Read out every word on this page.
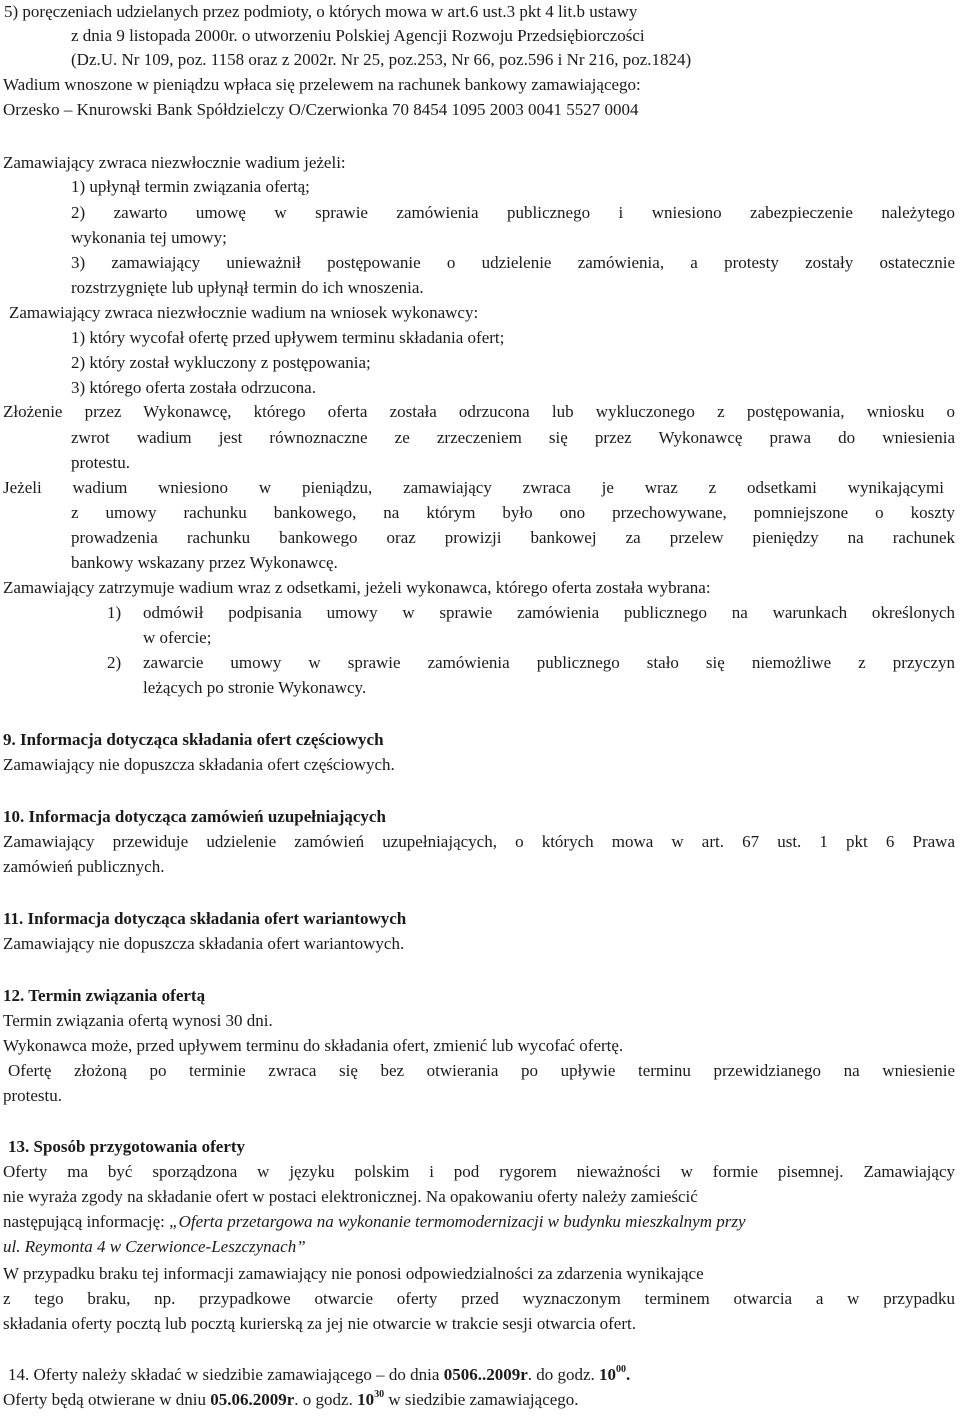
5) poręczeniach udzielanych przez podmioty, o których mowa w art.6 ust.3 pkt 4 lit.b ustawy
z dnia 9 listopada 2000r. o utworzeniu Polskiej Agencji Rozwoju Przedsiębiorczości
(Dz.U. Nr 109, poz. 1158 oraz z 2002r. Nr 25, poz.253, Nr 66, poz.596 i Nr 216, poz.1824)
Wadium wnoszone w pieniądzu wpłaca się przelewem na rachunek bankowy zamawiającego:
Orzesko – Knurowski Bank Spółdzielczy O/Czerwionka 70 8454 1095 2003 0041 5527 0004
Zamawiający zwraca niezwłocznie wadium jeżeli:
1) upłynął termin związania ofertą;
2) zawarto umowę w sprawie zamówienia publicznego i wniesiono zabezpieczenie należytego
wykonania tej umowy;
3) zamawiający unieważnił postępowanie o udzielenie zamówienia, a protesty zostały ostatecznie
rozstrzygnięte lub upłynął termin do ich wnoszenia.
Zamawiający zwraca niezwłocznie wadium na wniosek wykonawcy:
1) który wycofał ofertę przed upływem terminu składania ofert;
2) który został wykluczony z postępowania;
3) którego oferta została odrzucona.
Złożenie przez Wykonawcę, którego oferta została odrzucona lub wykluczonego z postępowania, wniosku o
zwrot wadium jest równoznaczne ze zrzeczeniem się przez Wykonawcę prawa do wniesienia
protestu.
Jeżeli wadium wniesiono w pieniądzu, zamawiający zwraca je wraz z odsetkami wynikającymi
z umowy rachunku bankowego, na którym było ono przechowywane, pomniejszone o koszty
prowadzenia rachunku bankowego oraz prowizji bankowej za przelew pieniędzy na rachunek
bankowy wskazany przez Wykonawcę.
Zamawiający zatrzymuje wadium wraz z odsetkami, jeżeli wykonawca, którego oferta została wybrana:
1) odmówił podpisania umowy w sprawie zamówienia publicznego na warunkach określonych
w ofercie;
2) zawarcie umowy w sprawie zamówienia publicznego stało się niemożliwe z przyczyn
leżących po stronie Wykonawcy.
9. Informacja dotycząca składania ofert częściowych
Zamawiający nie dopuszcza składania ofert częściowych.
10. Informacja dotycząca zamówień uzupełniających
Zamawiający przewiduje udzielenie zamówień uzupełniających, o których mowa w art. 67 ust. 1 pkt 6 Prawa
zamówień publicznych.
11. Informacja dotycząca składania ofert wariantowych
Zamawiający nie dopuszcza składania ofert wariantowych.
12. Termin związania ofertą
Termin związania ofertą wynosi 30 dni.
Wykonawca może, przed upływem terminu do składania ofert, zmienić lub wycofać ofertę.
Ofertę złożoną po terminie zwraca się bez otwierania po upływie terminu przewidzianego na wniesienie
protestu.
13. Sposób przygotowania oferty
Oferty ma być sporządzona w języku polskim i pod rygorem nieważności w formie pisemnej. Zamawiający
nie wyraża zgody na składanie ofert w postaci elektronicznej. Na opakowaniu oferty należy zamieścić
następującą informację: „Oferta przetargowa na wykonanie termomodernizacji w budynku mieszkalnym przy
ul. Reymonta 4 w Czerwionce-Leszczynach”
W przypadku braku tej informacji zamawiający nie ponosi odpowiedzialności za zdarzenia wynikające
z tego braku, np. przypadkowe otwarcie oferty przed wyznaczonym terminem otwarcia a w przypadku
składania oferty pocztą lub pocztą kurierską za jej nie otwarcie w trakcie sesji otwarcia ofert.
14. Oferty należy składać w siedzibie zamawiającego – do dnia 0506..2009r. do godz. $10^{00}$.
Oferty będą otwierane w dniu 05.06.2009r. o godz. $10^{30}$ w siedzibie zamawiającego.
